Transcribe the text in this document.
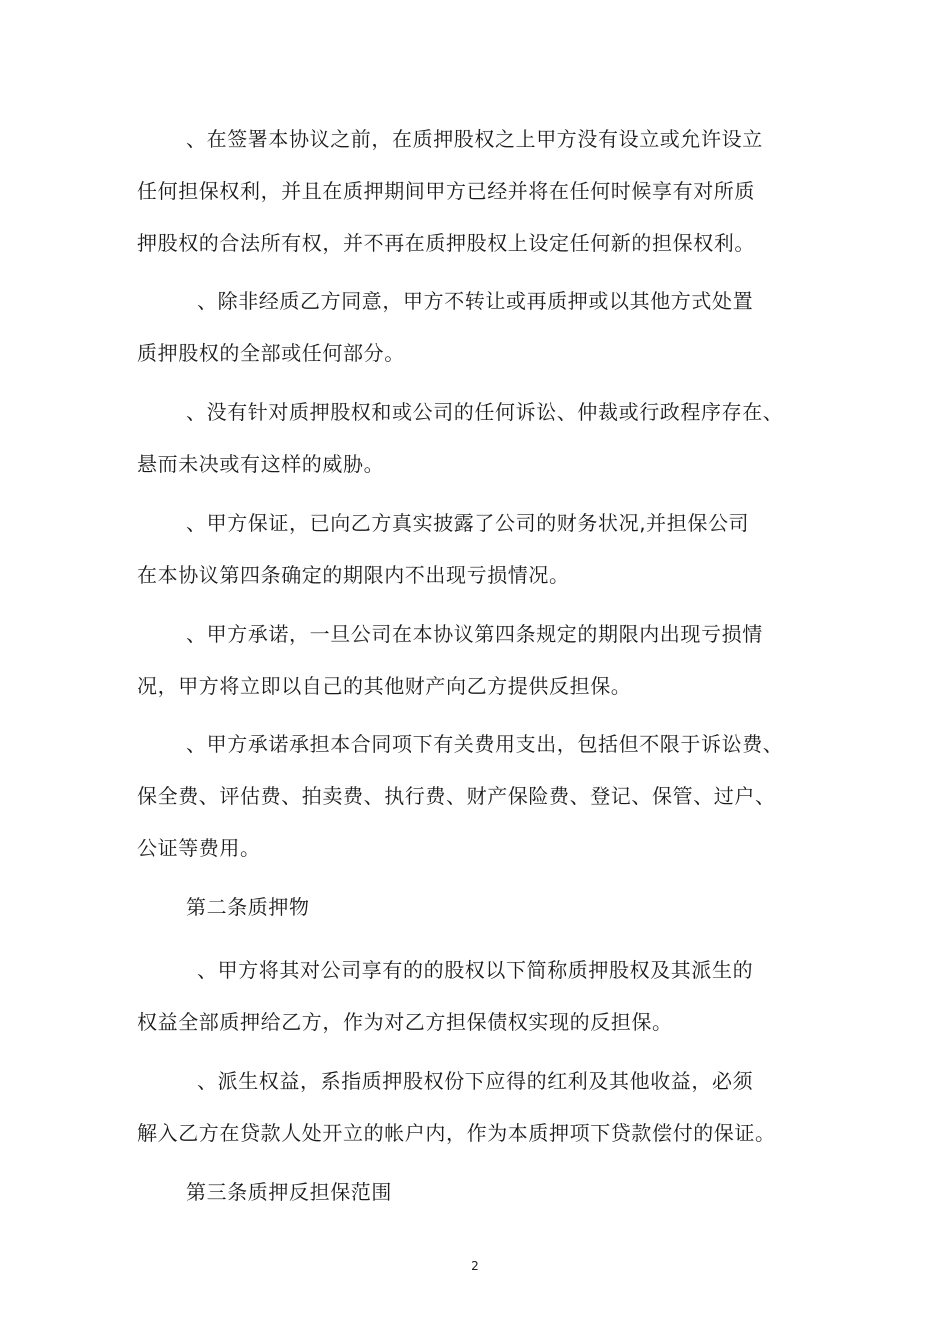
、在签署本协议之前，在质押股权之上甲方没有设立或允许设立
任何担保权利，并且在质押期间甲方已经并将在任何时候享有对所质
押股权的合法所有权，并不再在质押股权上设定任何新的担保权利。
、除非经质乙方同意，甲方不转让或再质押或以其他方式处置
质押股权的全部或任何部分。
、没有针对质押股权和或公司的任何诉讼、仲裁或行政程序存在、
悬而未决或有这样的威胁。
、甲方保证，已向乙方真实披露了公司的财务状况,并担保公司
在本协议第四条确定的期限内不出现亏损情况。
、甲方承诺，一旦公司在本协议第四条规定的期限内出现亏损情
况，甲方将立即以自己的其他财产向乙方提供反担保。
、甲方承诺承担本合同项下有关费用支出，包括但不限于诉讼费、
保全费、评估费、拍卖费、执行费、财产保险费、登记、保管、过户、
公证等费用。
第二条质押物
、甲方将其对公司享有的的股权以下简称质押股权及其派生的
权益全部质押给乙方，作为对乙方担保债权实现的反担保。
、派生权益，系指质押股权份下应得的红利及其他收益，必须
解入乙方在贷款人处开立的帐户内，作为本质押项下贷款偿付的保证。
第三条质押反担保范围
2
